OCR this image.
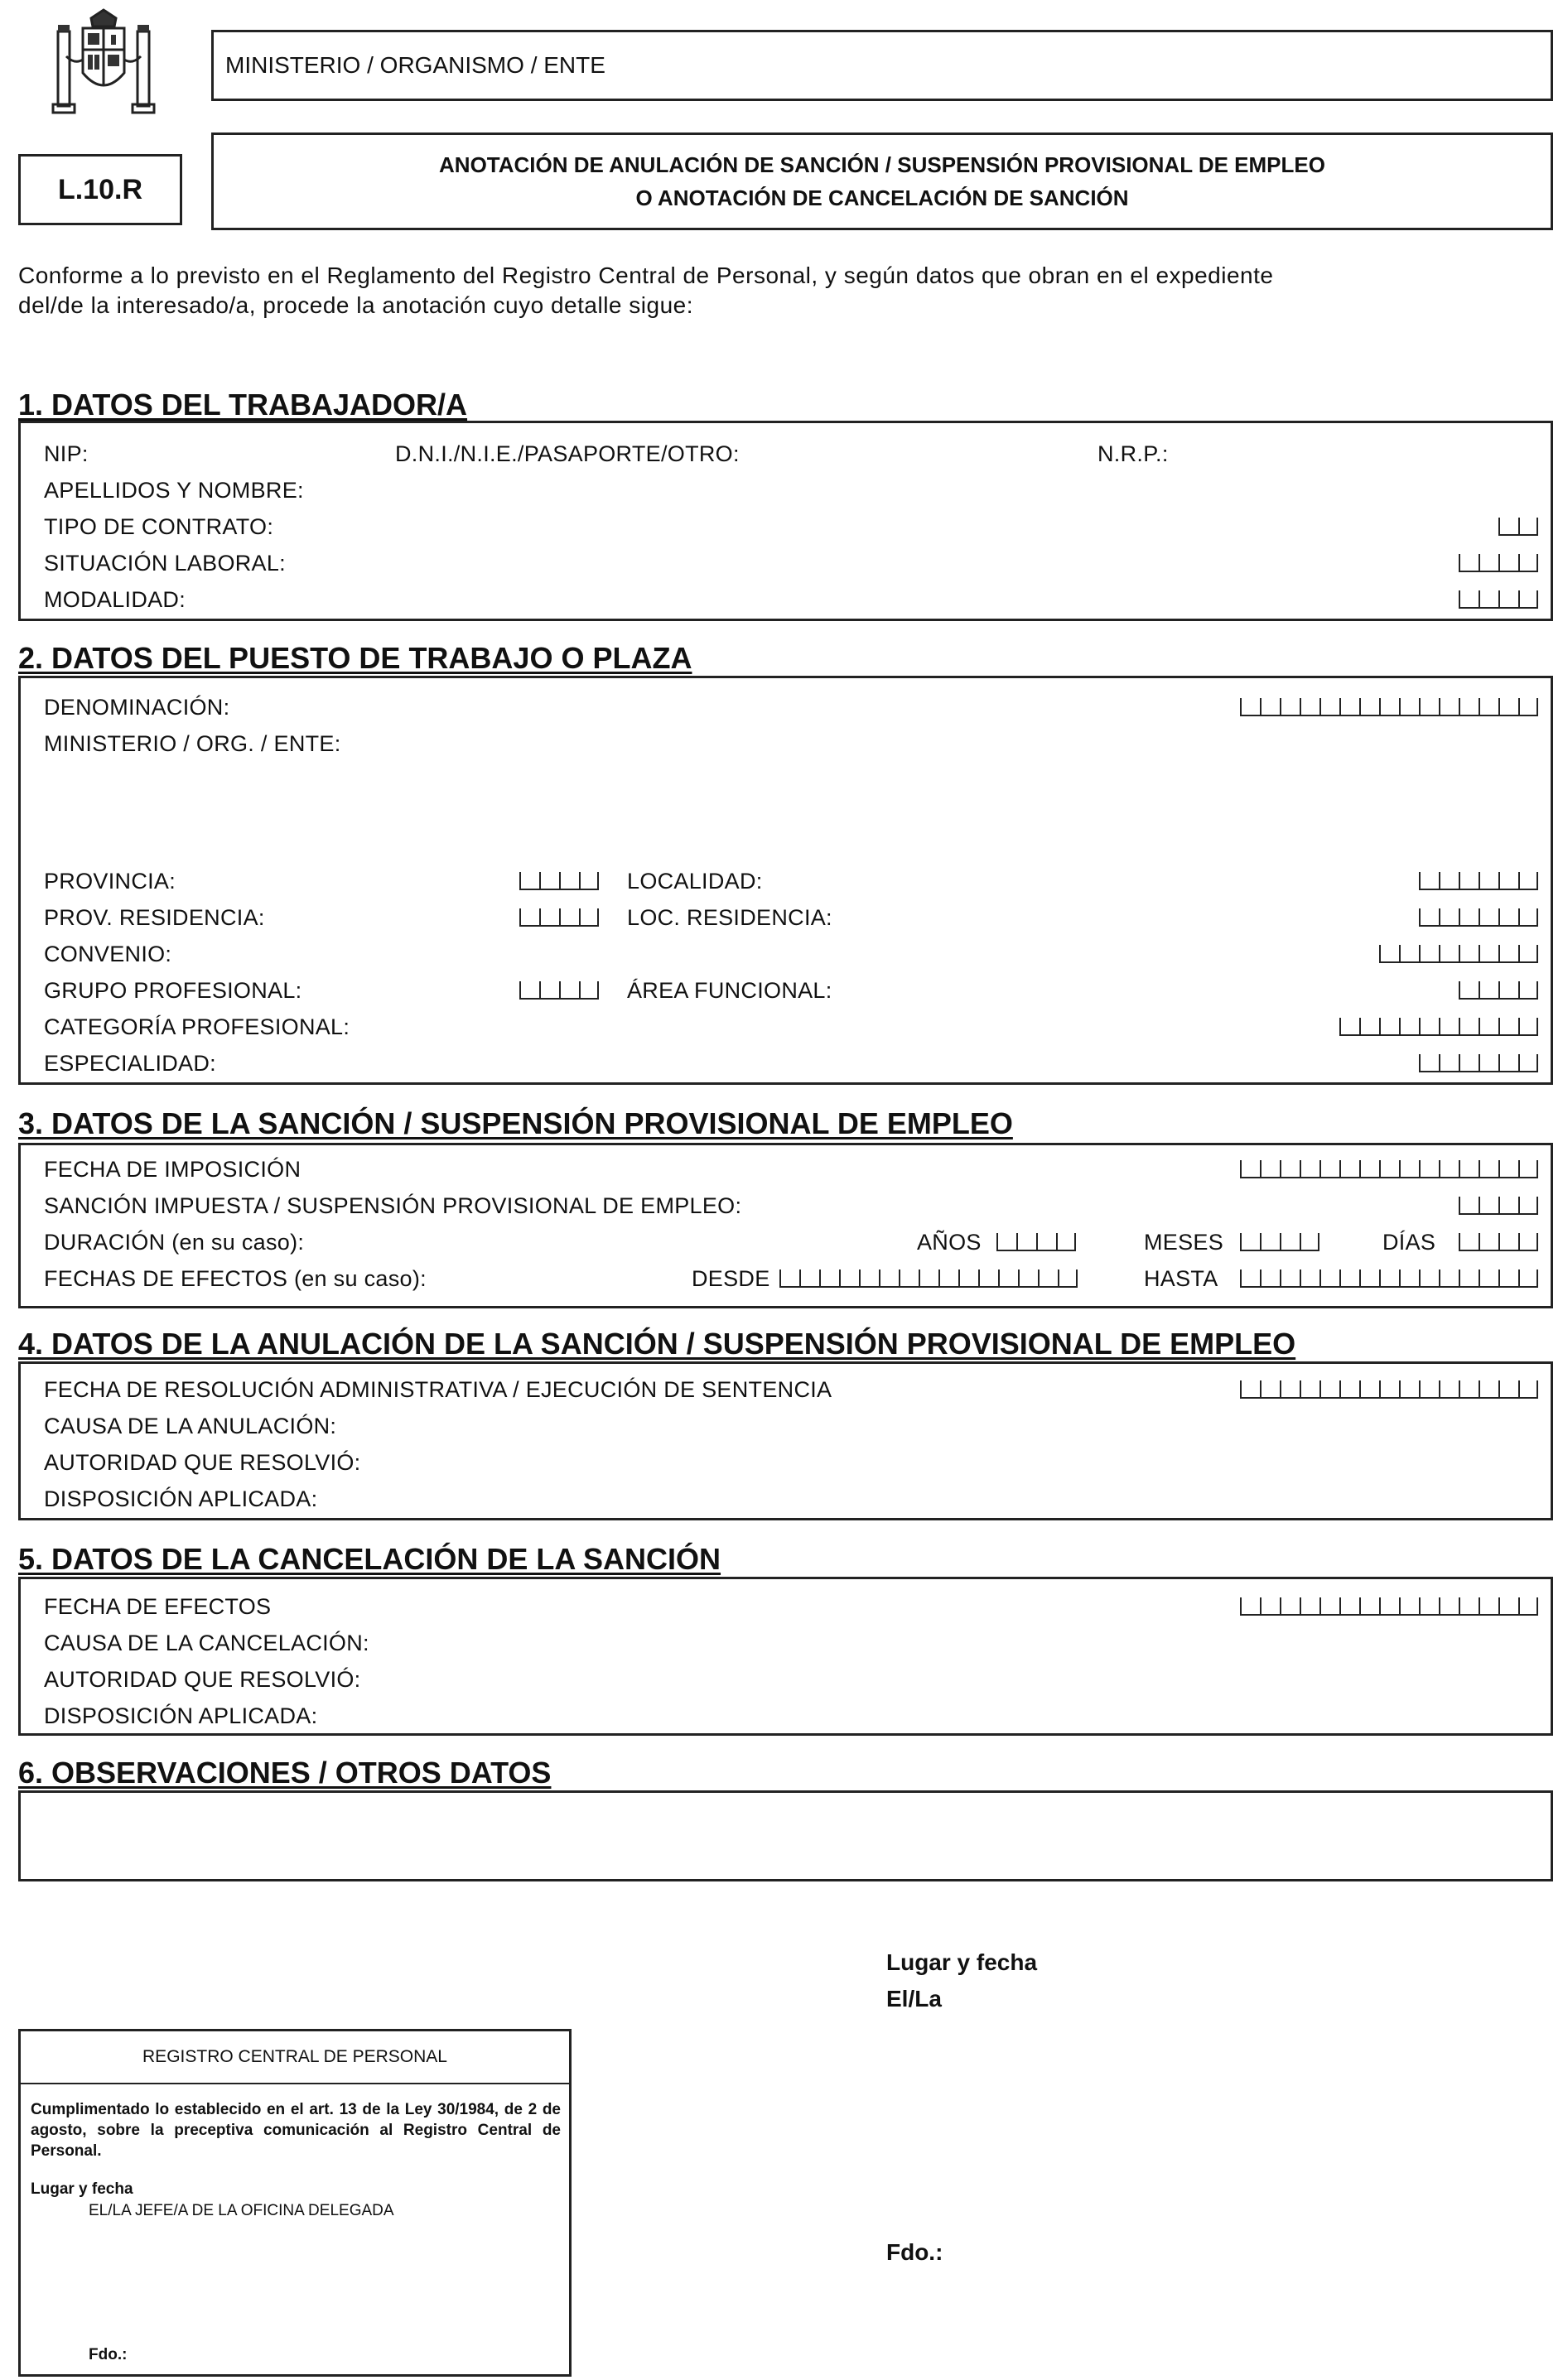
MINISTERIO / ORGANISMO / ENTE
L.10.R
ANOTACIÓN DE ANULACIÓN DE SANCIÓN / SUSPENSIÓN PROVISIONAL DE EMPLEO
O ANOTACIÓN DE CANCELACIÓN DE SANCIÓN
Conforme a lo previsto en el Reglamento del Registro Central de Personal, y según datos que obran en el expediente
del/de la interesado/a, procede la anotación cuyo detalle sigue:
1. DATOS DEL TRABAJADOR/A
NIP:	D.N.I./N.I.E./PASAPORTE/OTRO:	N.R.P.:
APELLIDOS Y NOMBRE:
TIPO DE CONTRATO:
SITUACIÓN LABORAL:
MODALIDAD:
2. DATOS DEL PUESTO DE TRABAJO O PLAZA
DENOMINACIÓN:
MINISTERIO / ORG. / ENTE:
PROVINCIA:	LOCALIDAD:
PROV. RESIDENCIA:	LOC. RESIDENCIA:
CONVENIO:
GRUPO PROFESIONAL:	ÁREA FUNCIONAL:
CATEGORÍA PROFESIONAL:
ESPECIALIDAD:
3. DATOS DE LA SANCIÓN / SUSPENSIÓN PROVISIONAL DE EMPLEO
FECHA DE IMPOSICIÓN
SANCIÓN IMPUESTA / SUSPENSIÓN PROVISIONAL DE EMPLEO:
DURACIÓN (en su caso):	AÑOS	MESES	DÍAS
FECHAS DE EFECTOS (en su caso):	DESDE	HASTA
4. DATOS DE LA ANULACIÓN DE LA SANCIÓN / SUSPENSIÓN PROVISIONAL DE EMPLEO
FECHA DE RESOLUCIÓN ADMINISTRATIVA / EJECUCIÓN DE SENTENCIA
CAUSA DE LA ANULACIÓN:
AUTORIDAD QUE RESOLVIÓ:
DISPOSICIÓN APLICADA:
5. DATOS DE LA CANCELACIÓN DE LA SANCIÓN
FECHA DE EFECTOS
CAUSA DE LA CANCELACIÓN:
AUTORIDAD QUE RESOLVIÓ:
DISPOSICIÓN APLICADA:
6. OBSERVACIONES / OTROS DATOS
Lugar y fecha
El/La
Fdo.:
REGISTRO CENTRAL DE PERSONAL
Cumplimentado lo establecido en el art. 13 de la Ley 30/1984, de 2 de agosto, sobre la preceptiva comunicación al Registro Central de Personal.
Lugar y fecha
EL/LA JEFE/A DE LA OFICINA DELEGADA
Fdo.:
